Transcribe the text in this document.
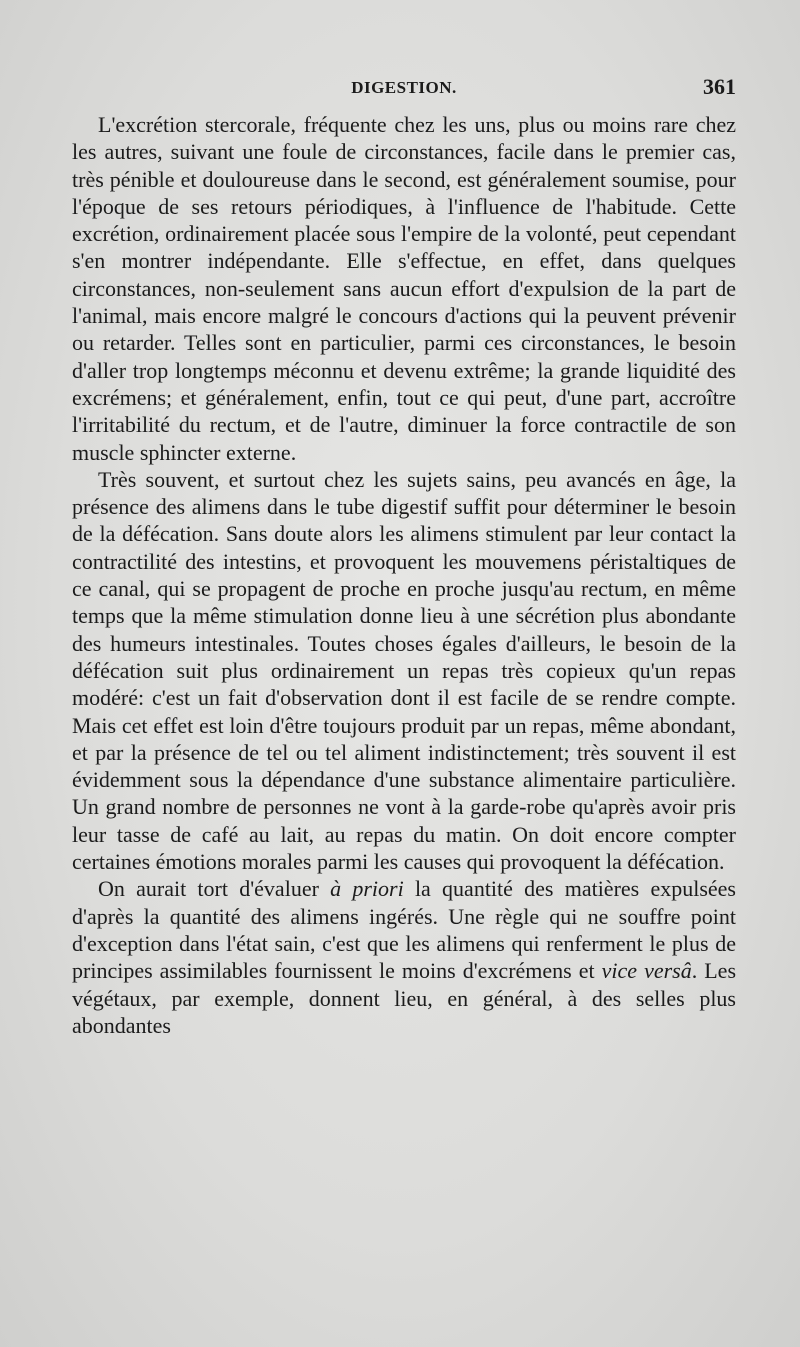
DIGESTION.	361

L'excrétion stercorale, fréquente chez les uns, plus ou moins rare chez les autres, suivant une foule de circonstances, facile dans le premier cas, très pénible et douloureuse dans le second, est généralement soumise, pour l'époque de ses retours périodiques, à l'influence de l'habitude. Cette excrétion, ordinairement placée sous l'empire de la volonté, peut cependant s'en montrer indépendante. Elle s'effectue, en effet, dans quelques circonstances, non-seulement sans aucun effort d'expulsion de la part de l'animal, mais encore malgré le concours d'actions qui la peuvent prévenir ou retarder. Telles sont en particulier, parmi ces circonstances, le besoin d'aller trop longtemps méconnu et devenu extrême; la grande liquidité des excrémens; et généralement, enfin, tout ce qui peut, d'une part, accroître l'irritabilité du rectum, et de l'autre, diminuer la force contractile de son muscle sphincter externe.

Très souvent, et surtout chez les sujets sains, peu avancés en âge, la présence des alimens dans le tube digestif suffit pour déterminer le besoin de la défécation. Sans doute alors les alimens stimulent par leur contact la contractilité des intestins, et provoquent les mouvemens péristaltiques de ce canal, qui se propagent de proche en proche jusqu'au rectum, en même temps que la même stimulation donne lieu à une sécrétion plus abondante des humeurs intestinales. Toutes choses égales d'ailleurs, le besoin de la défécation suit plus ordinairement un repas très copieux qu'un repas modéré: c'est un fait d'observation dont il est facile de se rendre compte. Mais cet effet est loin d'être toujours produit par un repas, même abondant, et par la présence de tel ou tel aliment indistinctement; très souvent il est évidemment sous la dépendance d'une substance alimentaire particulière. Un grand nombre de personnes ne vont à la garde-robe qu'après avoir pris leur tasse de café au lait, au repas du matin. On doit encore compter certaines émotions morales parmi les causes qui provoquent la défécation.

On aurait tort d'évaluer à priori la quantité des matières expulsées d'après la quantité des alimens ingérés. Une règle qui ne souffre point d'exception dans l'état sain, c'est que les alimens qui renferment le plus de principes assimilables fournissent le moins d'excrémens et vice versâ. Les végétaux, par exemple, donnent lieu, en général, à des selles plus abondantes
